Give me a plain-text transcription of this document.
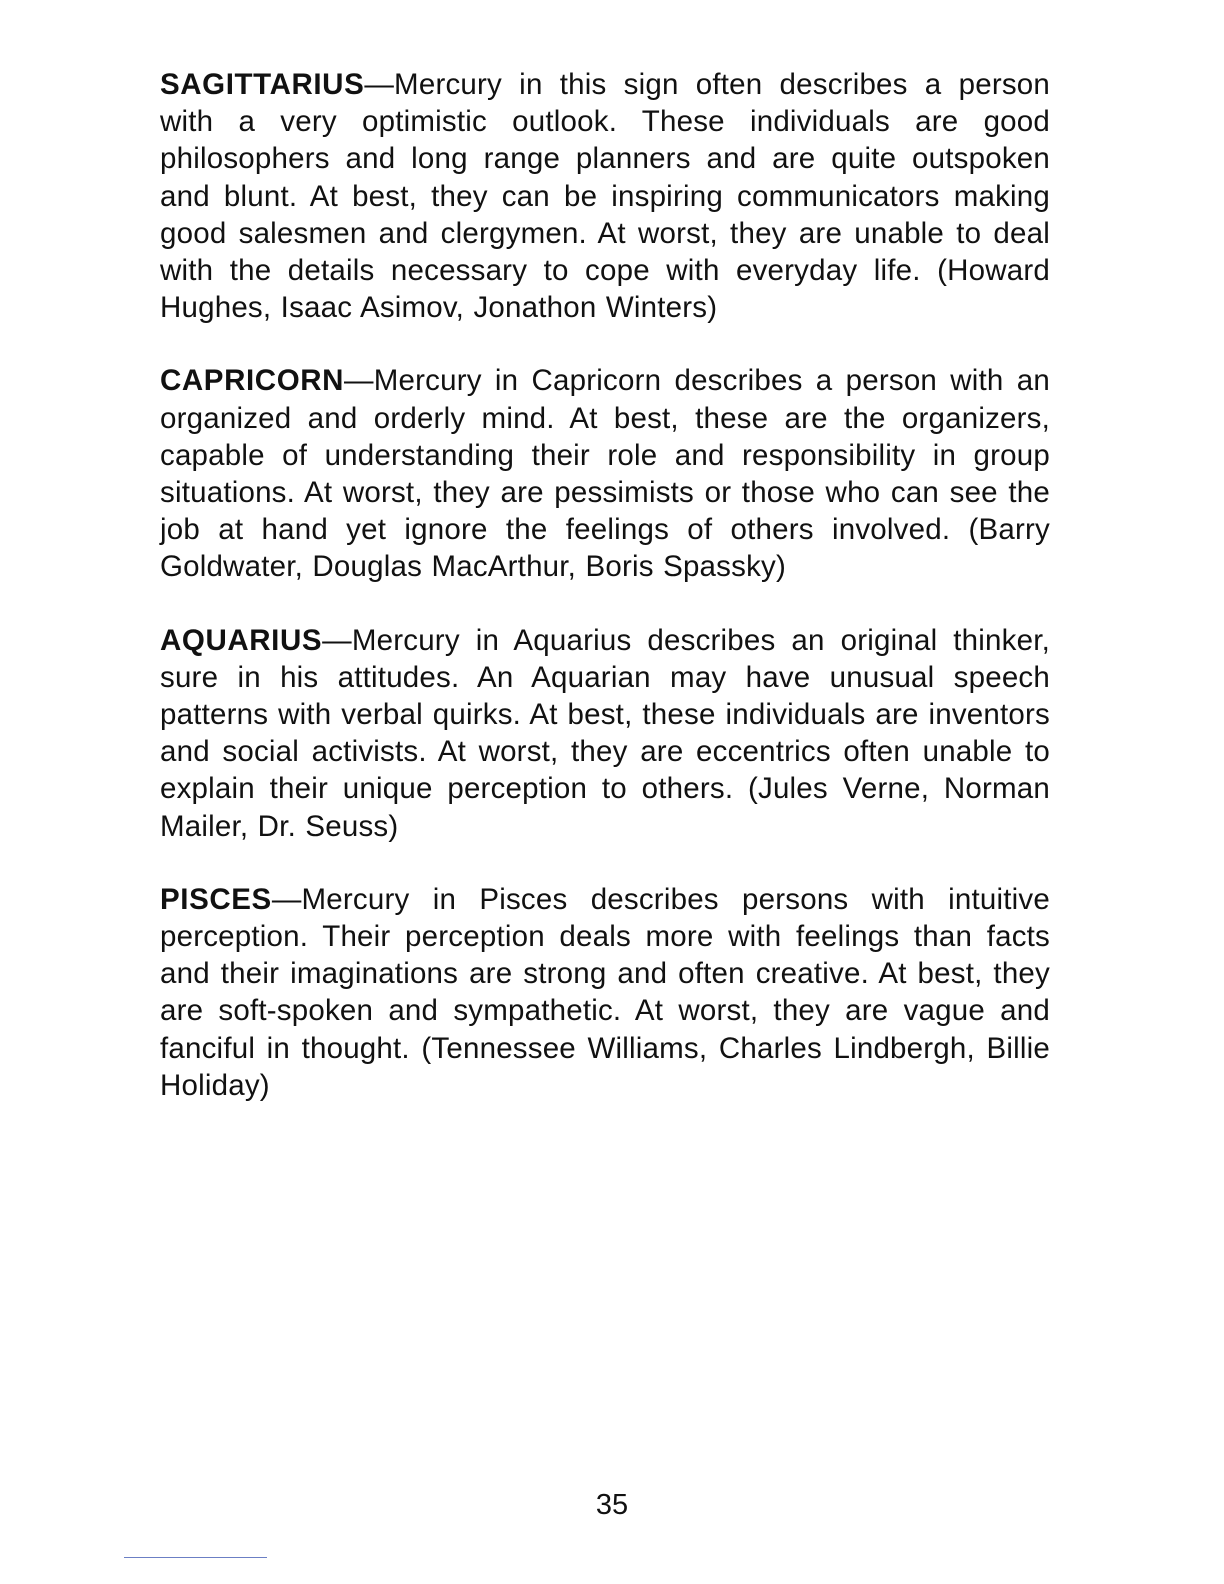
SAGITTARIUS—Mercury in this sign often describes a person with a very optimistic outlook. These individuals are good philosophers and long range planners and are quite outspoken and blunt. At best, they can be inspiring communicators making good salesmen and clergymen. At worst, they are unable to deal with the details necessary to cope with everyday life. (Howard Hughes, Isaac Asimov, Jonathon Winters)

CAPRICORN—Mercury in Capricorn describes a person with an organized and orderly mind. At best, these are the organizers, capable of understanding their role and responsibility in group situations. At worst, they are pessimists or those who can see the job at hand yet ignore the feelings of others involved. (Barry Goldwater, Douglas MacArthur, Boris Spassky)

AQUARIUS—Mercury in Aquarius describes an original thinker, sure in his attitudes. An Aquarian may have unusual speech patterns with verbal quirks. At best, these individuals are inventors and social activists. At worst, they are eccentrics often unable to explain their unique perception to others. (Jules Verne, Norman Mailer, Dr. Seuss)

PISCES—Mercury in Pisces describes persons with intuitive perception. Their perception deals more with feelings than facts and their imaginations are strong and often creative. At best, they are soft-spoken and sympathetic. At worst, they are vague and fanciful in thought. (Tennessee Williams, Charles Lindbergh, Billie Holiday)

35
